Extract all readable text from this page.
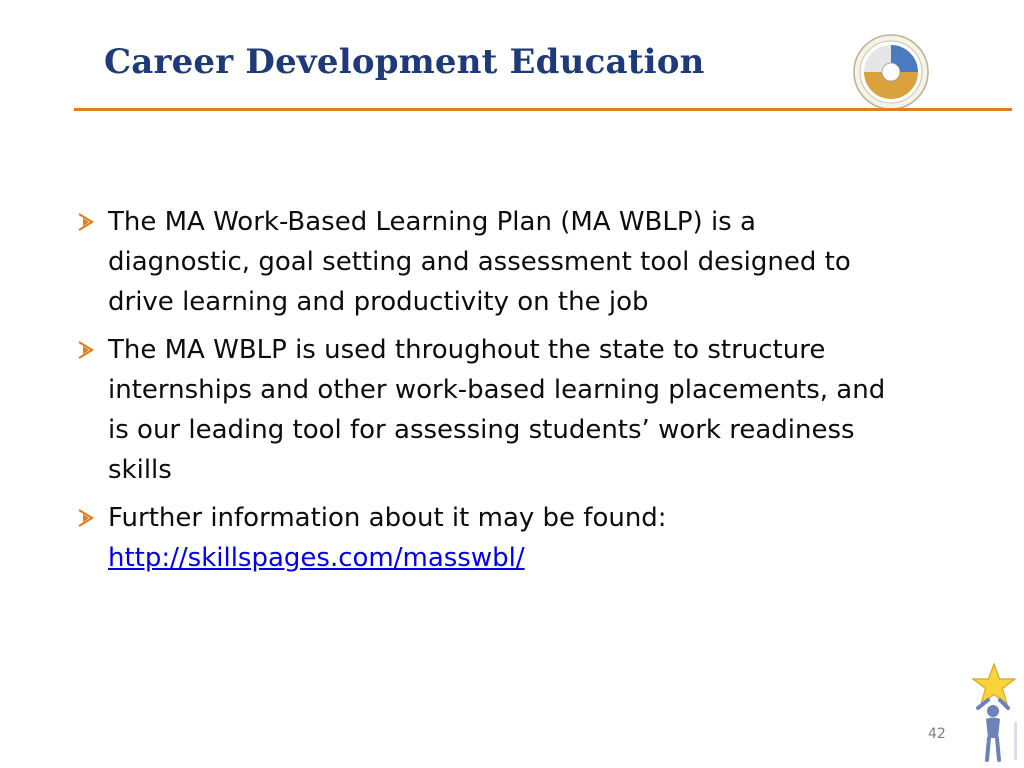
Career Development Education
The MA Work-Based Learning Plan (MA WBLP) is a diagnostic, goal setting and assessment tool designed to drive learning and productivity on the job
The MA WBLP is used throughout the state to structure internships and other work-based learning placements, and is our leading tool for assessing students’ work readiness skills
Further information about it may be found:
http://skillspages.com/masswbl/
42
